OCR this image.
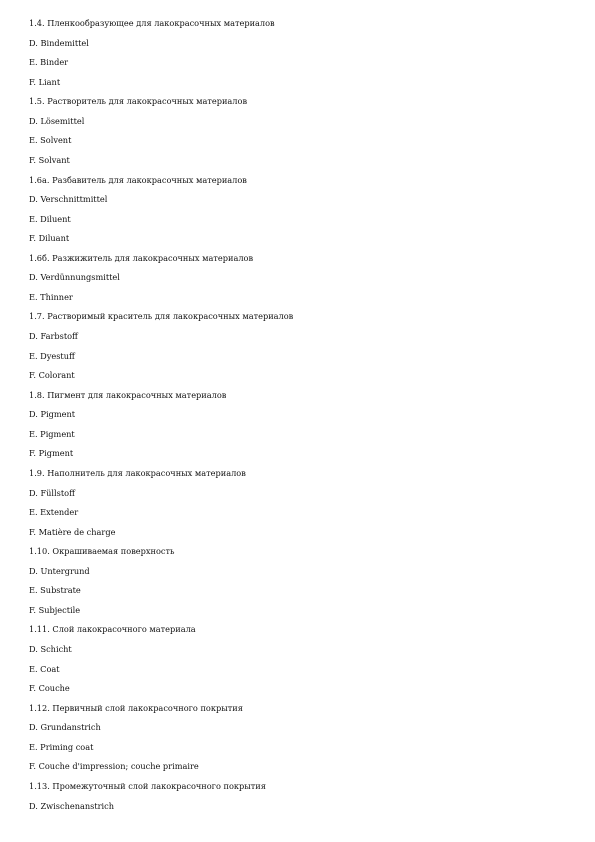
1.4. Пленкообразующее для лакокрасочных материалов
D. Bindemittel
E. Binder
F. Liant
1.5. Растворитель для лакокрасочных материалов
D. Lösemittel
E. Solvent
F. Solvant
1.6а. Разбавитель для лакокрасочных материалов
D. Verschnittmittel
E. Diluent
F. Diluant
1.6б. Разжижитель для лакокрасочных материалов
D. Verdünnungsmittel
E. Thinner
1.7. Растворимый краситель для лакокрасочных материалов
D. Farbstoff
E. Dyestuff
F. Colorant
1.8. Пигмент для лакокрасочных материалов
D. Pigment
E. Pigment
F. Pigment
1.9. Наполнитель для лакокрасочных материалов
D. Füllstoff
E. Extender
F. Matière de charge
1.10. Окрашиваемая поверхность
D. Untergrund
E. Substrate
F. Subjectile
1.11. Слой лакокрасочного материала
D. Schicht
E. Coat
F. Couche
1.12. Первичный слой лакокрасочного покрытия
D. Grundanstrich
E. Priming coat
F. Couche d'impression; couche primaire
1.13. Промежуточный слой лакокрасочного покрытия
D. Zwischenanstrich
